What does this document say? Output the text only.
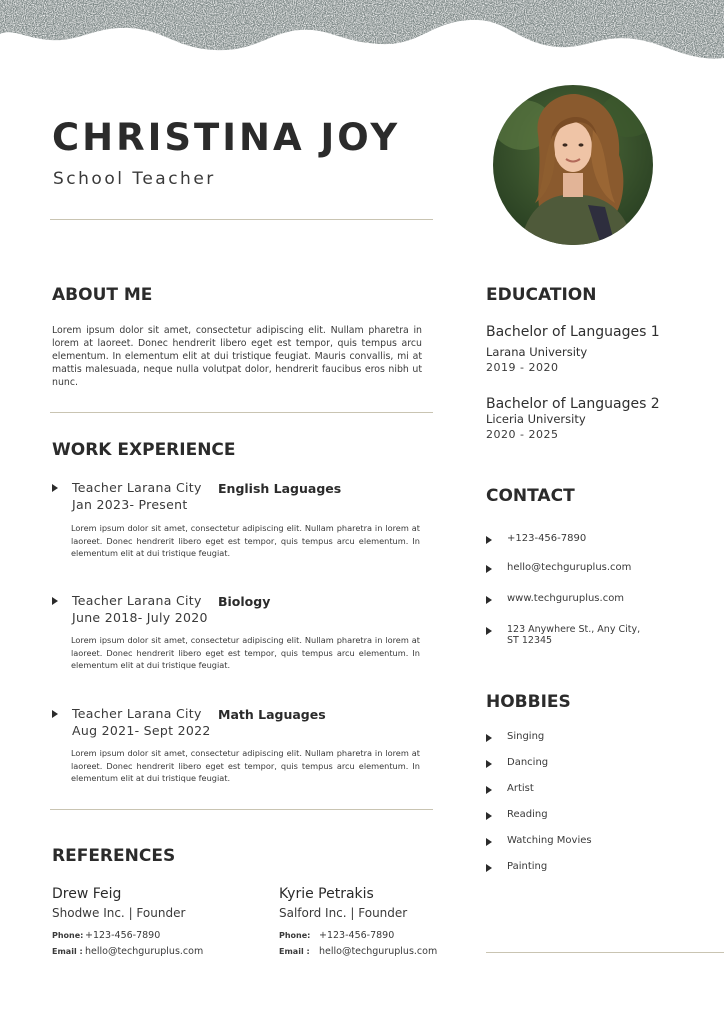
CHRISTINA JOY
School Teacher
ABOUT ME
Lorem ipsum dolor sit amet, consectetur adipiscing elit. Nullam pharetra in lorem at laoreet. Donec hendrerit libero eget est tempor, quis tempus arcu elementum. In elementum elit at dui tristique feugiat. Mauris convallis, mi at mattis malesuada, neque nulla volutpat dolor, hendrerit faucibus eros nibh ut nunc.
WORK EXPERIENCE
Teacher Larana City English Laguages
Jan 2023- Present
Lorem ipsum dolor sit amet, consectetur adipiscing elit. Nullam pharetra in lorem at laoreet. Donec hendrerit libero eget est tempor, quis tempus arcu elementum. In elementum elit at dui tristique feugiat.
Teacher Larana City Biology
June 2018- July 2020
Lorem ipsum dolor sit amet, consectetur adipiscing elit. Nullam pharetra in lorem at laoreet. Donec hendrerit libero eget est tempor, quis tempus arcu elementum. In elementum elit at dui tristique feugiat.
Teacher Larana City Math Laguages
Aug 2021- Sept 2022
Lorem ipsum dolor sit amet, consectetur adipiscing elit. Nullam pharetra in lorem at laoreet. Donec hendrerit libero eget est tempor, quis tempus arcu elementum. In elementum elit at dui tristique feugiat.
REFERENCES
Drew Feig
Shodwe Inc. | Founder
Phone: +123-456-7890
Email : hello@techguruplus.com
Kyrie Petrakis
Salford Inc. | Founder
Phone: +123-456-7890
Email : hello@techguruplus.com
EDUCATION
Bachelor of Languages 1
Larana University
2019 - 2020
Bachelor of Languages 2
Liceria University
2020 - 2025
CONTACT
+123-456-7890
hello@techguruplus.com
www.techguruplus.com
123 Anywhere St., Any City,
ST 12345
HOBBIES
Singing
Dancing
Artist
Reading
Watching Movies
Painting
